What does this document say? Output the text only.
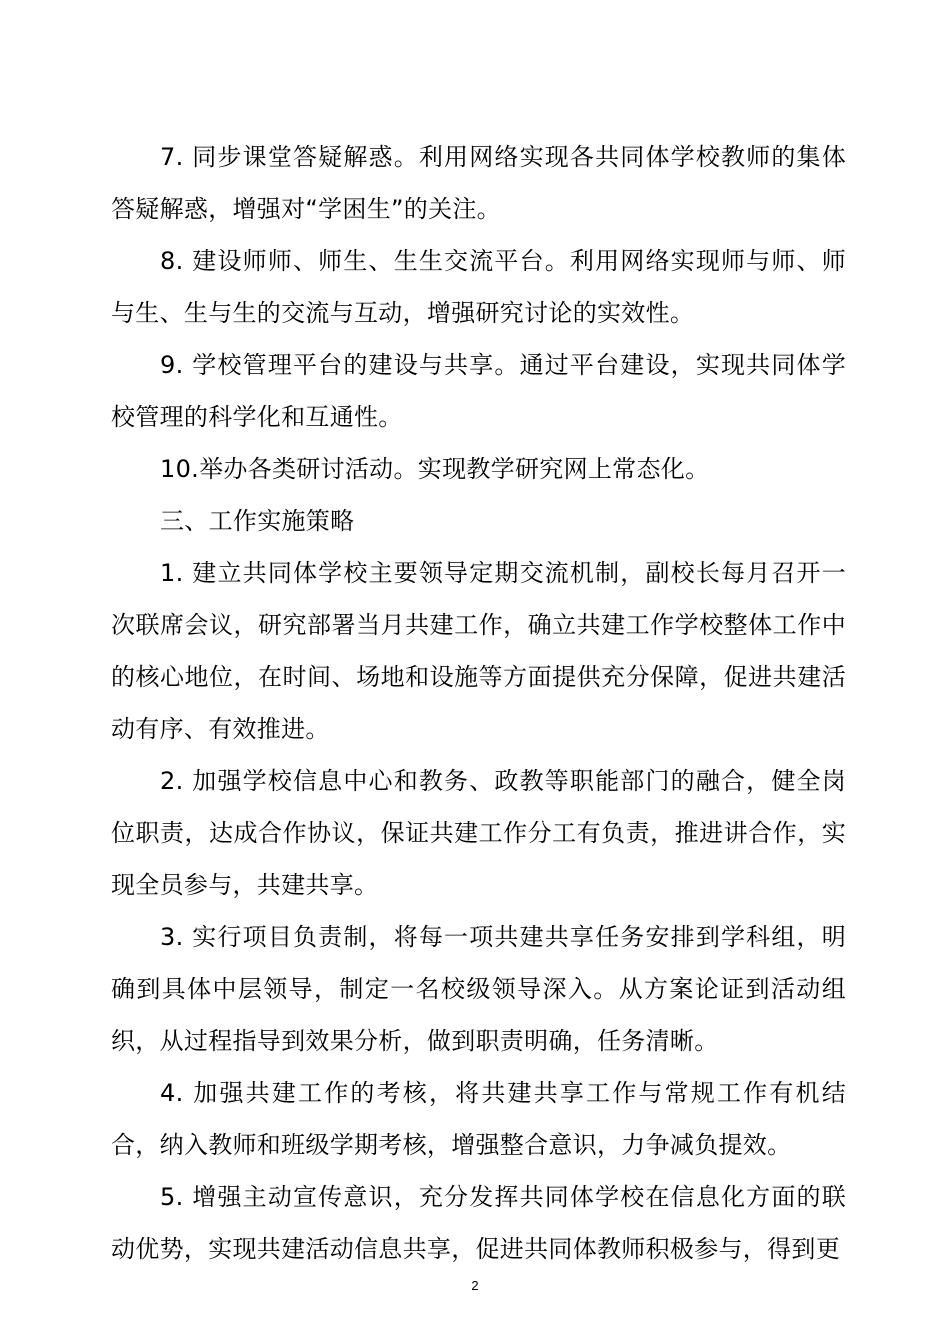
7. 同步课堂答疑解惑。利用网络实现各共同体学校教师的集体答疑解惑，增强对“学困生”的关注。

8. 建设师师、师生、生生交流平台。利用网络实现师与师、师与生、生与生的交流与互动，增强研究讨论的实效性。

9. 学校管理平台的建设与共享。通过平台建设，实现共同体学校管理的科学化和互通性。

10.举办各类研讨活动。实现教学研究网上常态化。

三、工作实施策略

1. 建立共同体学校主要领导定期交流机制，副校长每月召开一次联席会议，研究部署当月共建工作，确立共建工作学校整体工作中的核心地位，在时间、场地和设施等方面提供充分保障，促进共建活动有序、有效推进。

2. 加强学校信息中心和教务、政教等职能部门的融合，健全岗位职责，达成合作协议，保证共建工作分工有负责，推进讲合作，实现全员参与，共建共享。

3. 实行项目负责制，将每一项共建共享任务安排到学科组，明确到具体中层领导，制定一名校级领导深入。从方案论证到活动组织，从过程指导到效果分析，做到职责明确，任务清晰。

4. 加强共建工作的考核，将共建共享工作与常规工作有机结合，纳入教师和班级学期考核，增强整合意识，力争减负提效。

5. 增强主动宣传意识，充分发挥共同体学校在信息化方面的联动优势，实现共建活动信息共享，促进共同体教师积极参与，得到更

2
